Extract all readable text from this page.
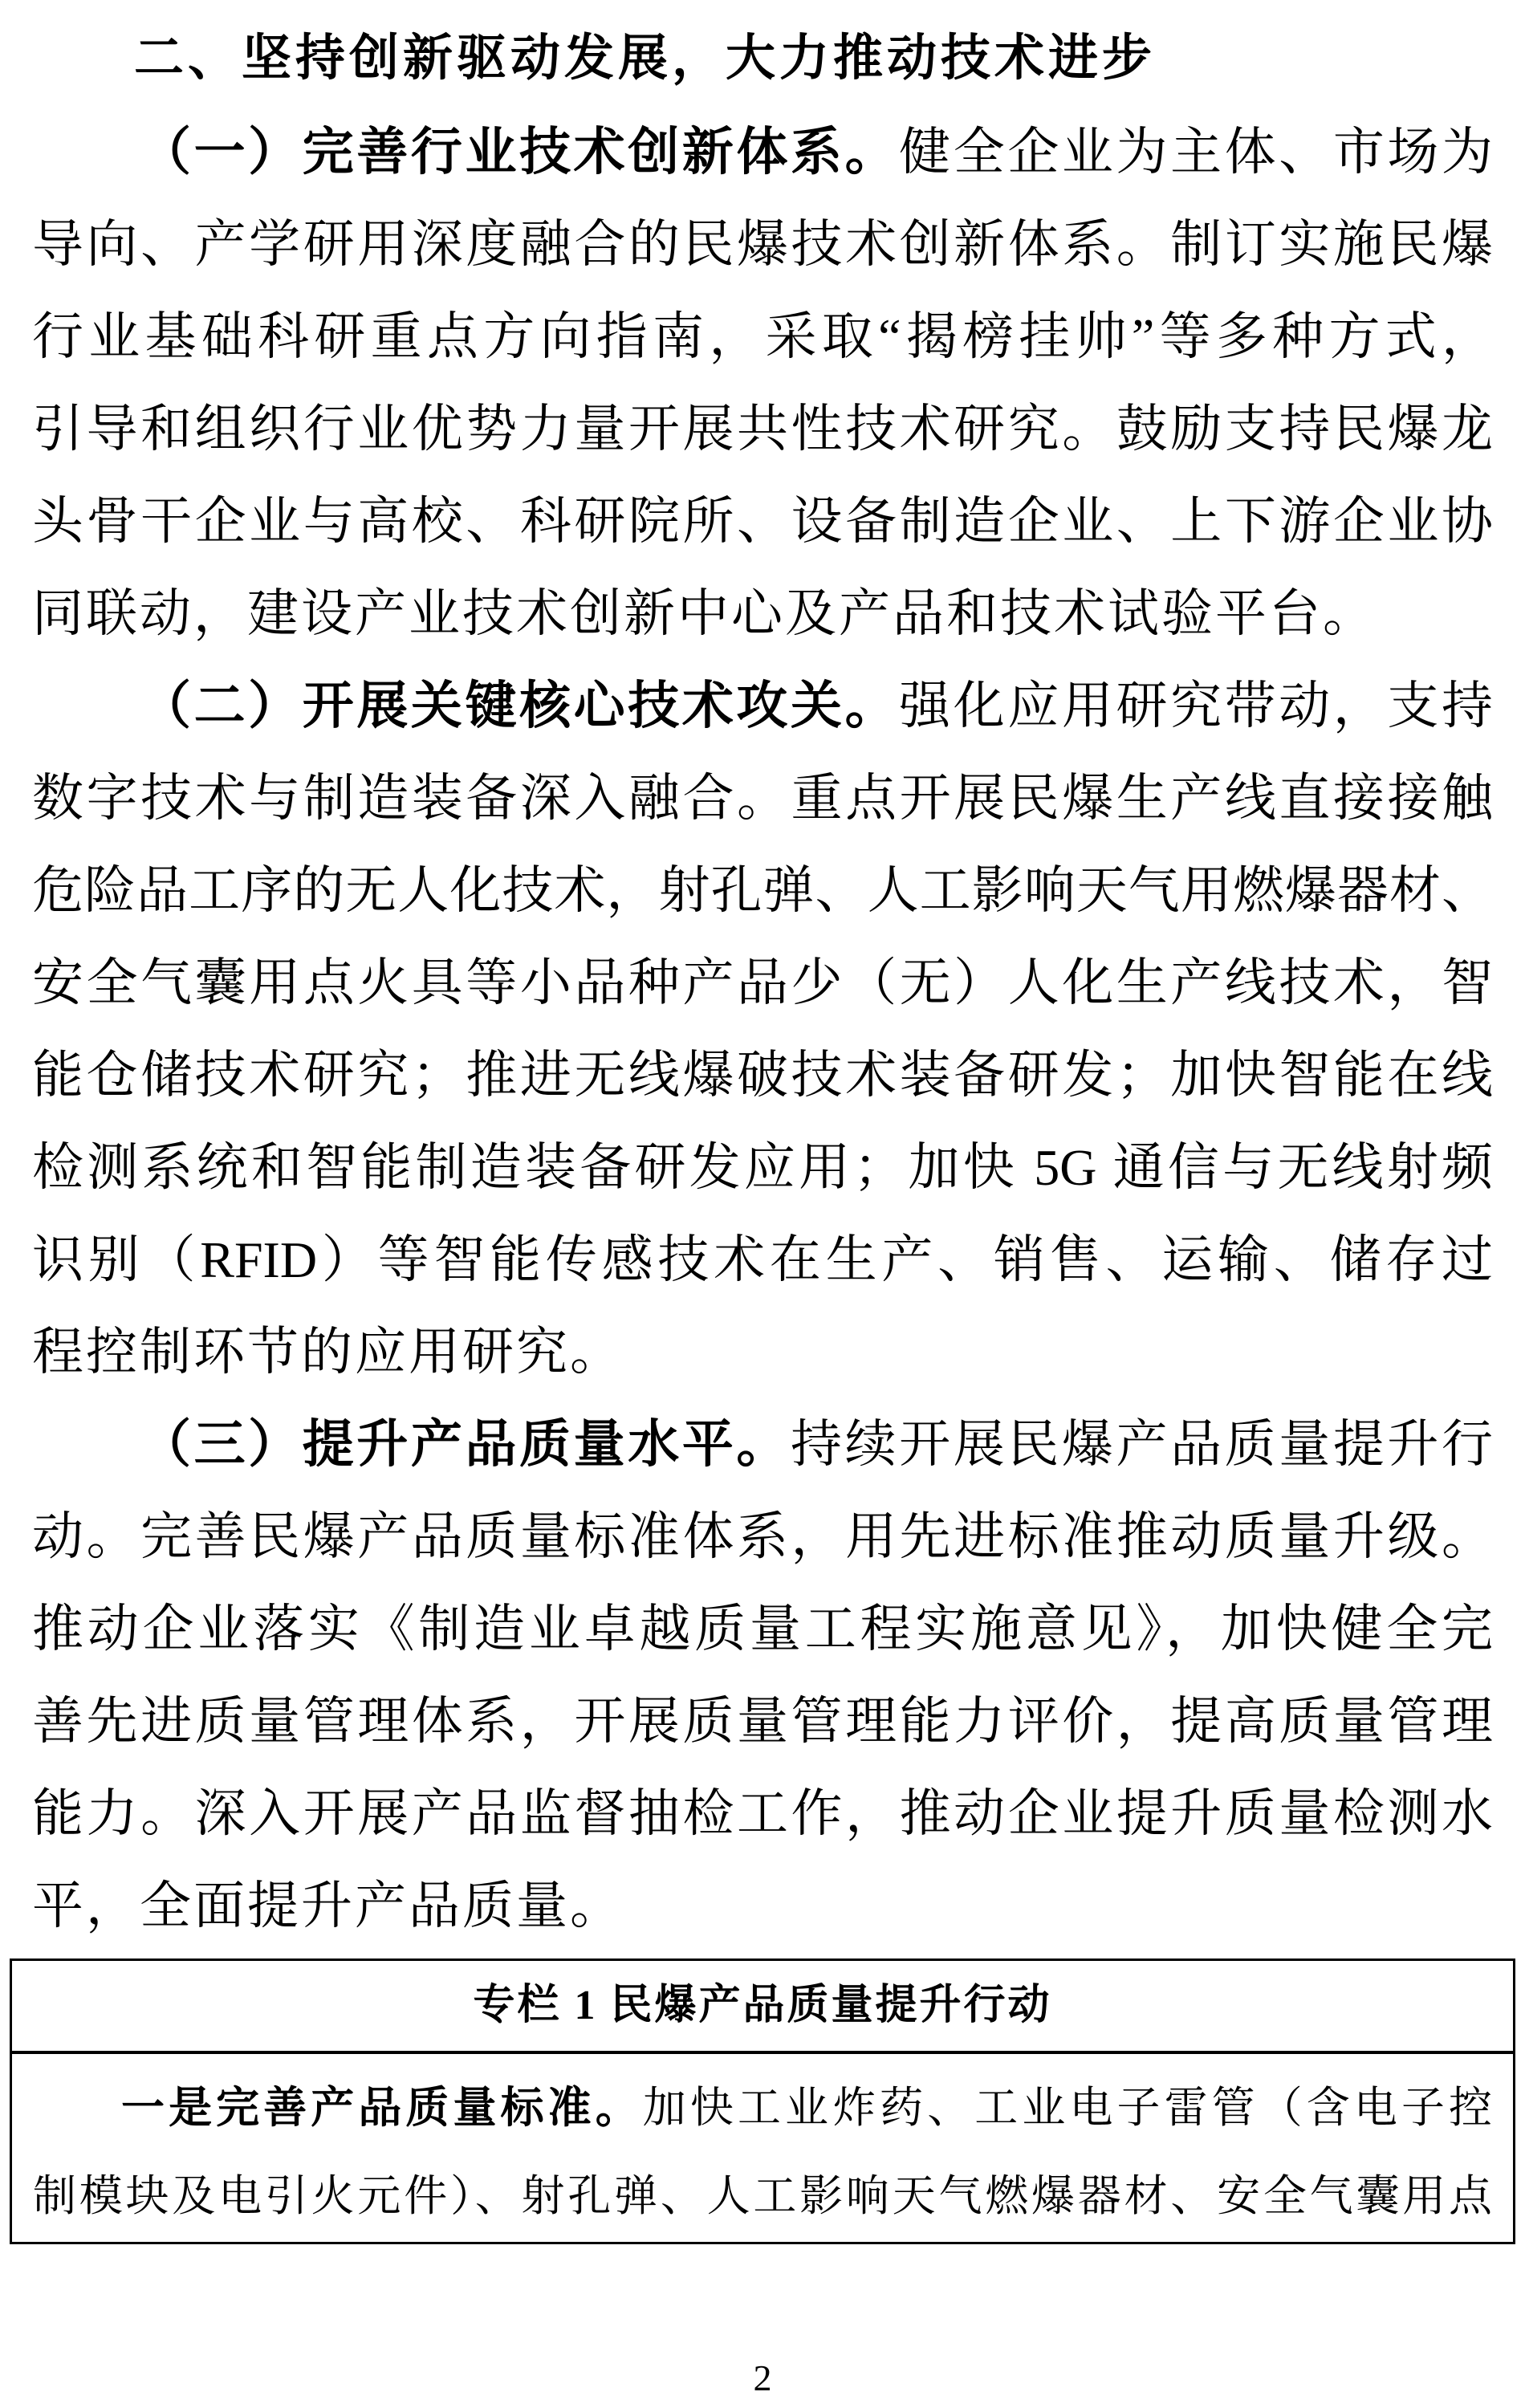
二、坚持创新驱动发展，大力推动技术进步
（一）完善行业技术创新体系。健全企业为主体、市场为
导向、产学研用深度融合的民爆技术创新体系。制订实施民爆
行业基础科研重点方向指南，采取“揭榜挂帅”等多种方式，
引导和组织行业优势力量开展共性技术研究。鼓励支持民爆龙
头骨干企业与高校、科研院所、设备制造企业、上下游企业协
同联动，建设产业技术创新中心及产品和技术试验平台。
（二）开展关键核心技术攻关。强化应用研究带动，支持
数字技术与制造装备深入融合。重点开展民爆生产线直接接触
危险品工序的无人化技术，射孔弹、人工影响天气用燃爆器材、
安全气囊用点火具等小品种产品少（无）人化生产线技术，智
能仓储技术研究；推进无线爆破技术装备研发；加快智能在线
检测系统和智能制造装备研发应用；加快 5G 通信与无线射频
识别（RFID）等智能传感技术在生产、销售、运输、储存过
程控制环节的应用研究。
（三）提升产品质量水平。持续开展民爆产品质量提升行
动。完善民爆产品质量标准体系，用先进标准推动质量升级。
推动企业落实《制造业卓越质量工程实施意见》，加快健全完
善先进质量管理体系，开展质量管理能力评价，提高质量管理
能力。深入开展产品监督抽检工作，推动企业提升质量检测水
平，全面提升产品质量。
专栏 1 民爆产品质量提升行动
一是完善产品质量标准。加快工业炸药、工业电子雷管（含电子控
制模块及电引火元件）、射孔弹、人工影响天气燃爆器材、安全气囊用点
2
